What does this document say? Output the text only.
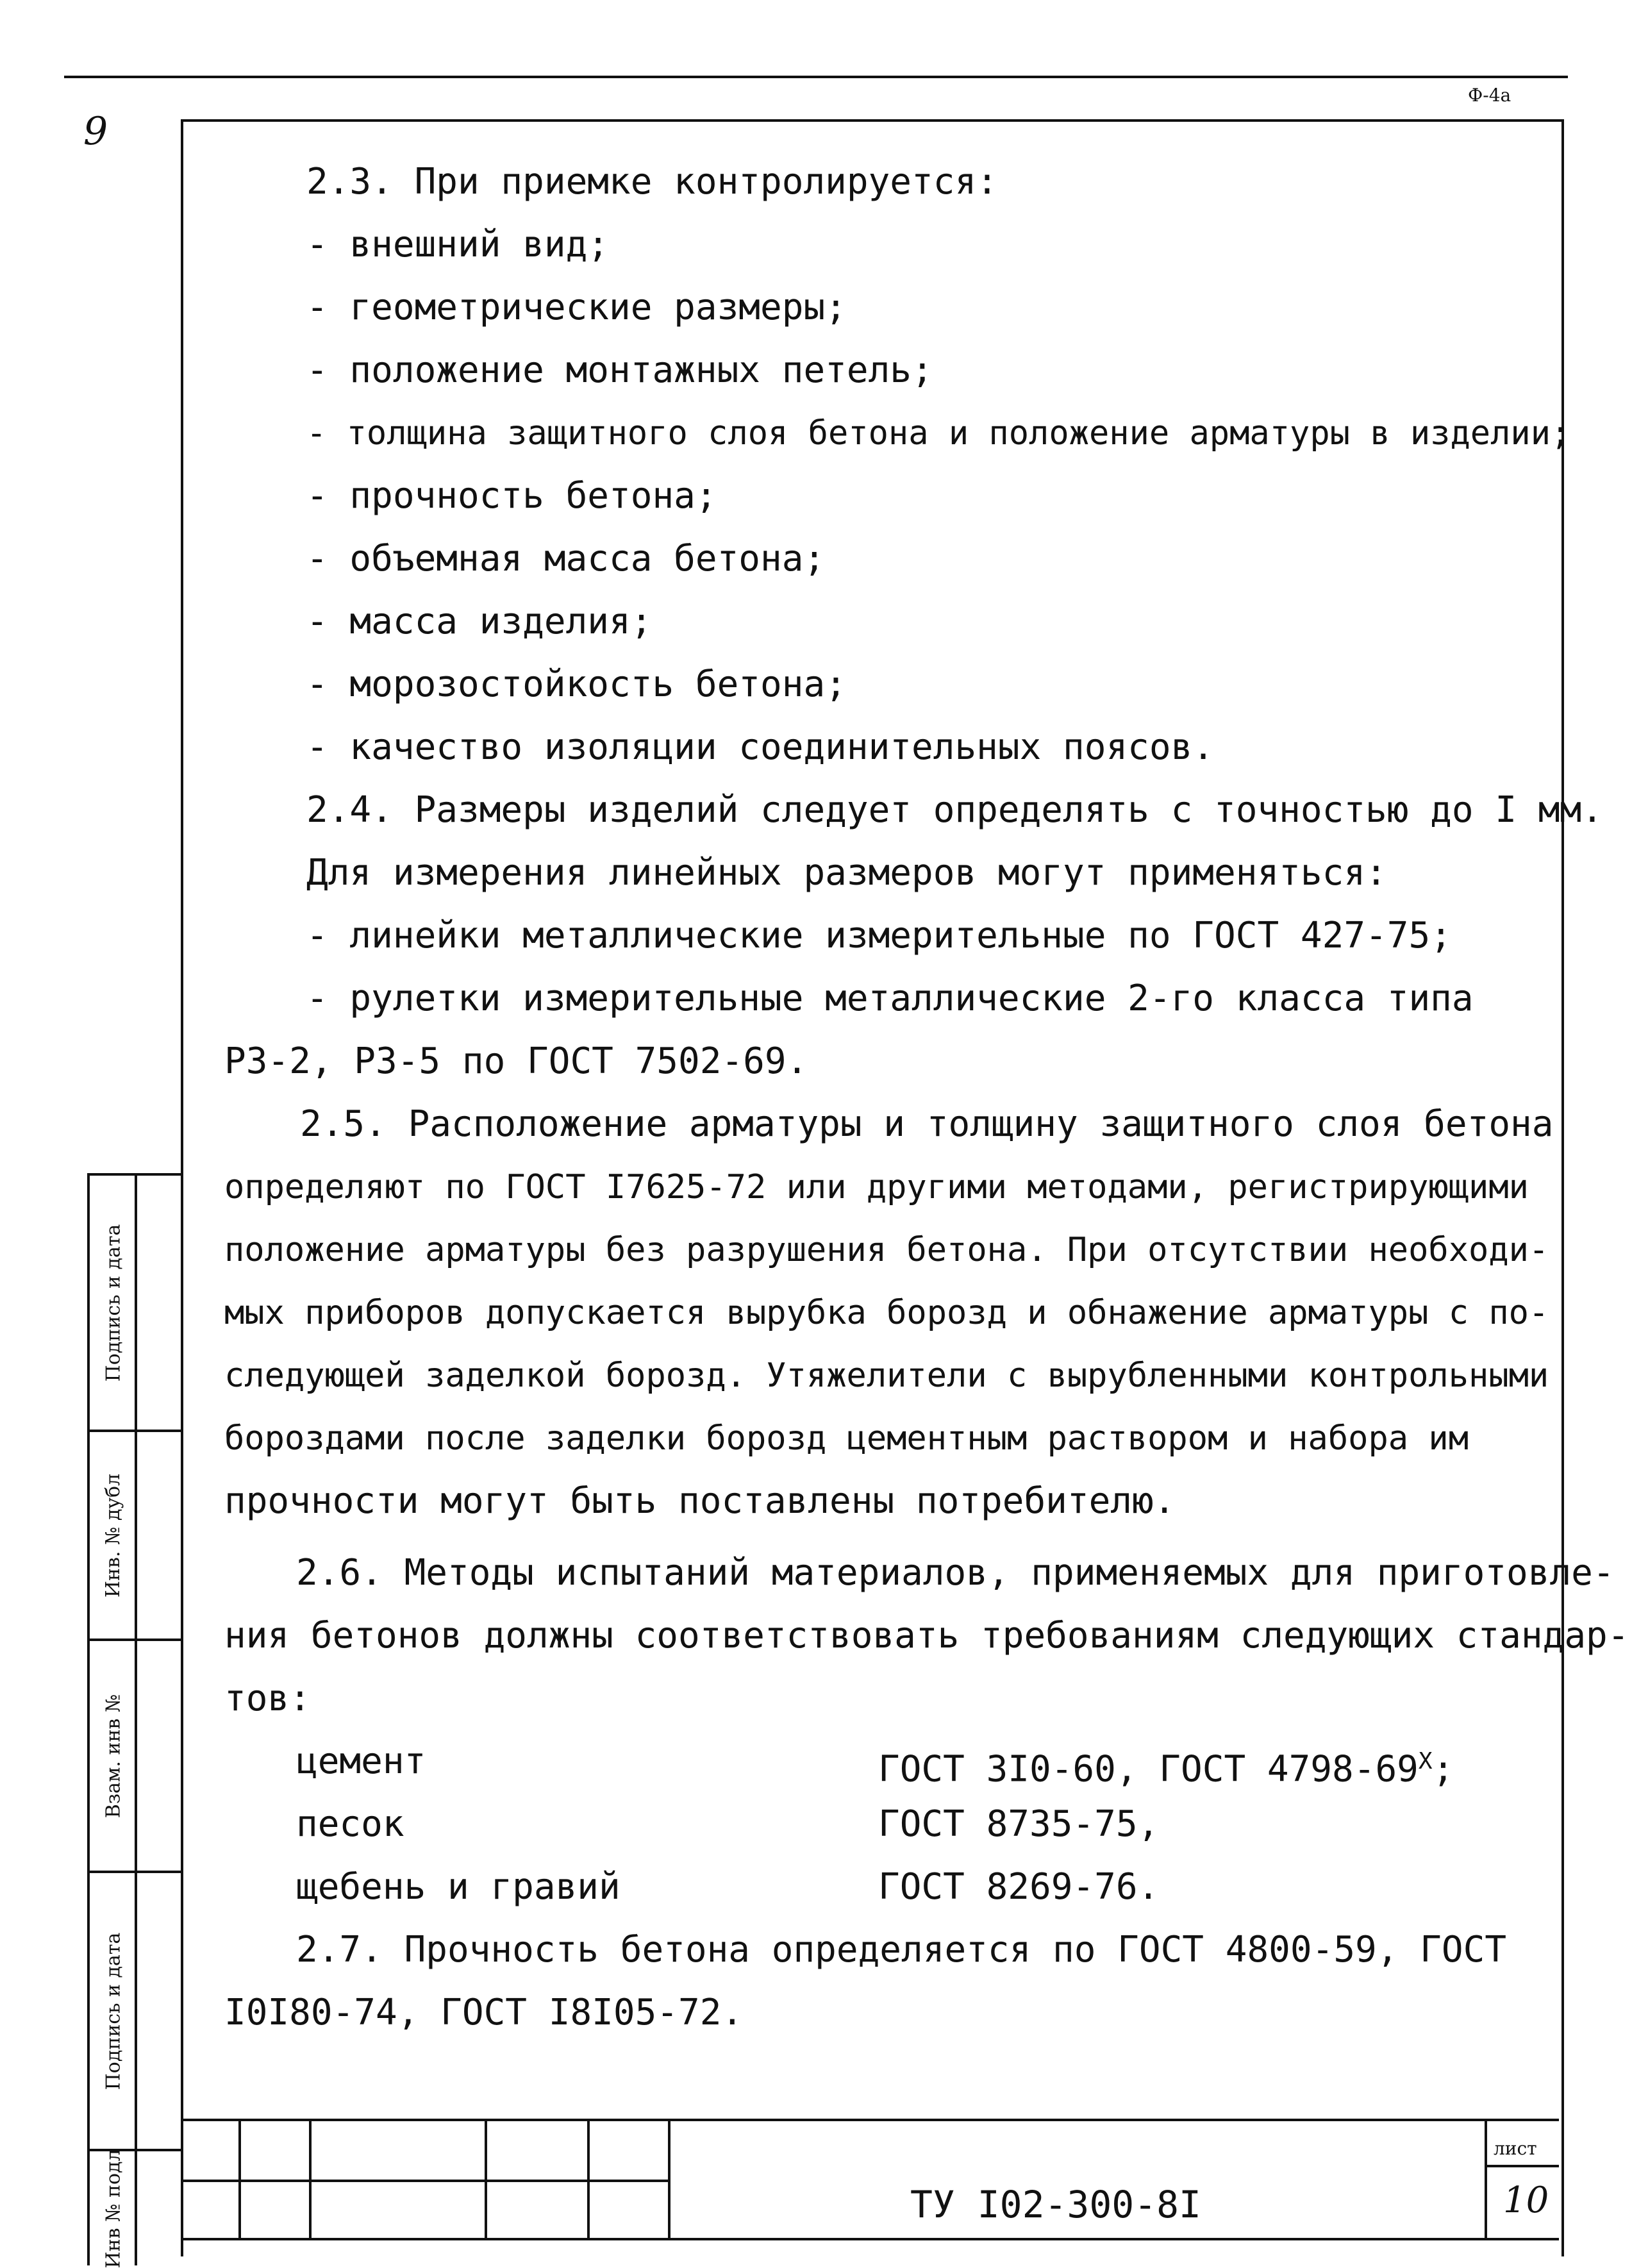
Ф-4а
9
2.3. При приемке контролируется:
- внешний вид;
- геометрические размеры;
- положение монтажных петель;
- толщина защитного слоя бетона и положение арматуры в изделии;
- прочность бетона;
- объемная масса бетона;
- масса изделия;
- морозостойкость бетона;
- качество изоляции соединительных поясов.
2.4. Размеры изделий следует определять с точностью до I мм.
Для измерения линейных размеров могут применяться:
- линейки металлические измерительные по ГОСТ 427-75;
- рулетки измерительные металлические 2-го класса типа
РЗ-2, РЗ-5 по ГОСТ 7502-69.
2.5. Расположение арматуры и толщину защитного слоя бетона
определяют по ГОСТ I7625-72 или другими методами, регистрирующими
положение арматуры без разрушения бетона. При отсутствии необходи-
мых приборов допускается вырубка борозд и обнажение арматуры с по-
следующей заделкой борозд. Утяжелители с вырубленными контрольными
бороздами после заделки борозд цементным раствором и набора им
прочности могут быть поставлены потребителю.
2.6. Методы испытаний материалов, применяемых для приготовле-
ния бетонов должны соответствовать требованиям следующих стандар-
тов:
цемент	ГОСТ 3I0-60, ГОСТ $4798-69^X$;
песок	ГОСТ 8735-75,
щебень и гравий	ГОСТ 8269-76.
2.7. Прочность бетона определяется по ГОСТ 4800-59, ГОСТ
I0I80-74, ГОСТ I8I05-72.
Подпись и дата
Инв. № дубл
Взам. инв №
Подпись и дата
Инв № подл	ТУ I02-300-8I
лист
10
